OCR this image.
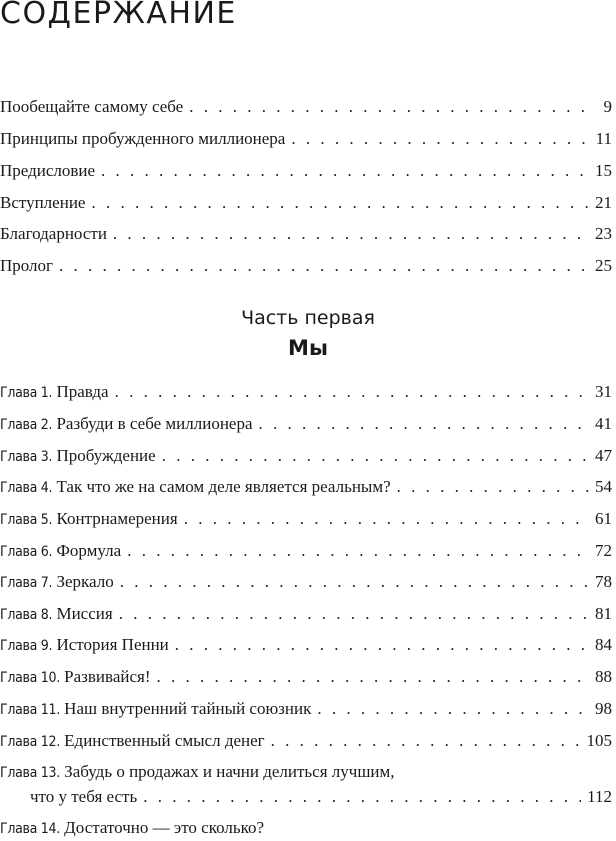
СОДЕРЖАНИЕ
Пообещайте самому себе . . .	9
Принципы пробужденного миллионера . . .	11
Предисловие . . .	15
Вступление . . .	21
Благодарности . . .	23
Пролог . . .	25
Часть первая
Мы
Глава 1. Правда . . .	31
Глава 2. Разбуди в себе миллионера . . .	41
Глава 3. Пробуждение . . .	47
Глава 4. Так что же на самом деле является реальным? . . .	54
Глава 5. Контрнамерения . . .	61
Глава 6. Формула . . .	72
Глава 7. Зеркало . . .	78
Глава 8. Миссия . . .	81
Глава 9. История Пенни . . .	84
Глава 10. Развивайся! . . .	88
Глава 11. Наш внутренний тайный союзник . . .	98
Глава 12. Единственный смысл денег . . .	105
Глава 13. Забудь о продажах и начни делиться лучшим,
что у тебя есть . . .	112
Глава 14. Достаточно — это сколько?
